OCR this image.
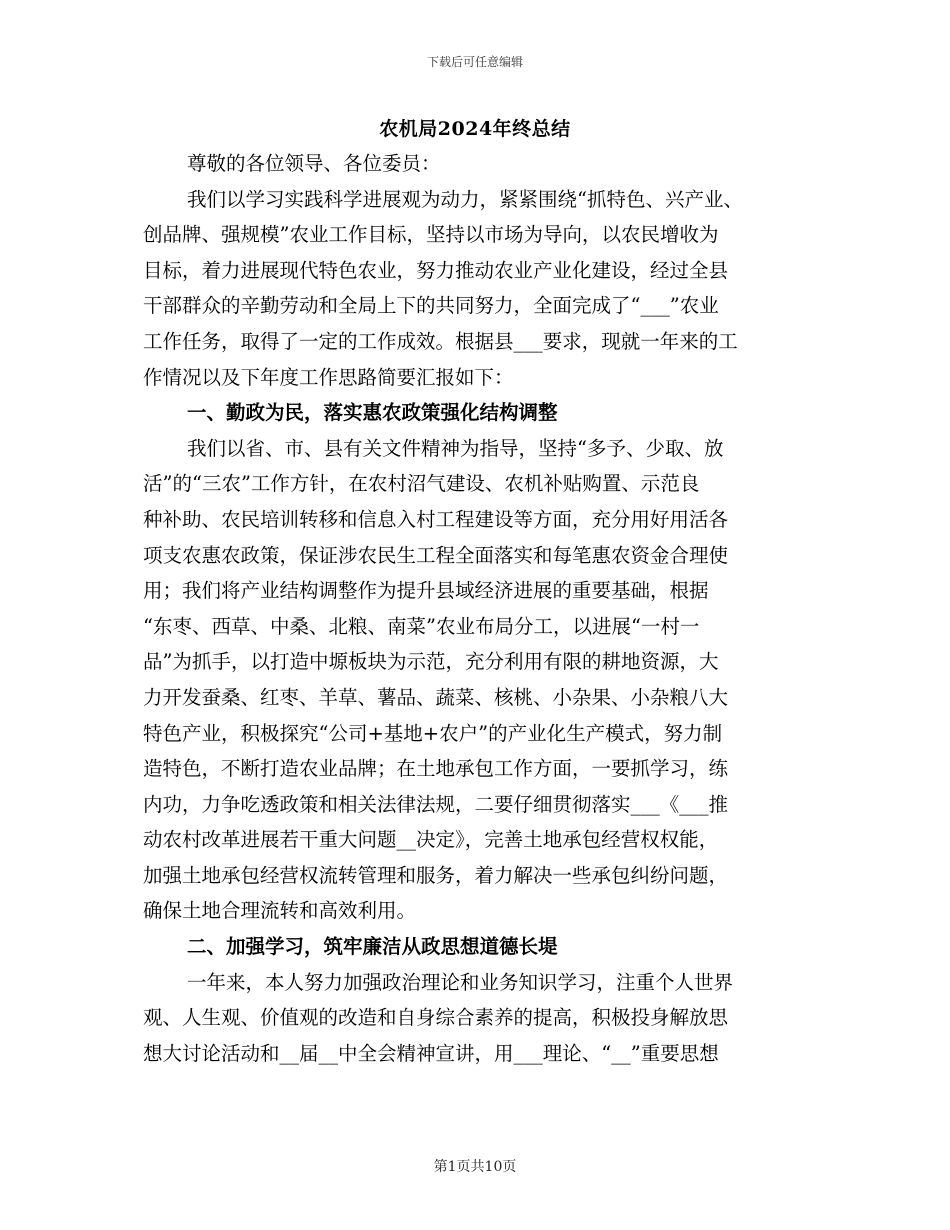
下载后可任意编辑
农机局2024年终总结
尊敬的各位领导、各位委员：
我们以学习实践科学进展观为动力，紧紧围绕“抓特色、兴产业、
创品牌、强规模”农业工作目标，坚持以市场为导向，以农民增收为
目标，着力进展现代特色农业，努力推动农业产业化建设，经过全县
干部群众的辛勤劳动和全局上下的共同努力，全面完成了“___”农业
工作任务，取得了一定的工作成效。根据县___要求，现就一年来的工
作情况以及下年度工作思路简要汇报如下：
一、勤政为民，落实惠农政策强化结构调整
我们以省、市、县有关文件精神为指导，坚持“多予、少取、放
活”的“三农”工作方针，在农村沼气建设、农机补贴购置、示范良
种补助、农民培训转移和信息入村工程建设等方面，充分用好用活各
项支农惠农政策，保证涉农民生工程全面落实和每笔惠农资金合理使
用；我们将产业结构调整作为提升县域经济进展的重要基础，根据
“东枣、西草、中桑、北粮、南菜”农业布局分工，以进展“一村一
品”为抓手，以打造中塬板块为示范，充分利用有限的耕地资源，大
力开发蚕桑、红枣、羊草、薯品、蔬菜、核桃、小杂果、小杂粮八大
特色产业，积极探究“公司+基地+农户”的产业化生产模式，努力制
造特色，不断打造农业品牌；在土地承包工作方面，一要抓学习，练
内功，力争吃透政策和相关法律法规，二要仔细贯彻落实___《___推
动农村改革进展若干重大问题__决定》，完善土地承包经营权权能，
加强土地承包经营权流转管理和服务，着力解决一些承包纠纷问题，
确保土地合理流转和高效利用。
二、加强学习，筑牢廉洁从政思想道德长堤
一年来，本人努力加强政治理论和业务知识学习，注重个人世界
观、人生观、价值观的改造和自身综合素养的提高，积极投身解放思
想大讨论活动和__届__中全会精神宣讲，用___理论、“__”重要思想
第1页共10页
